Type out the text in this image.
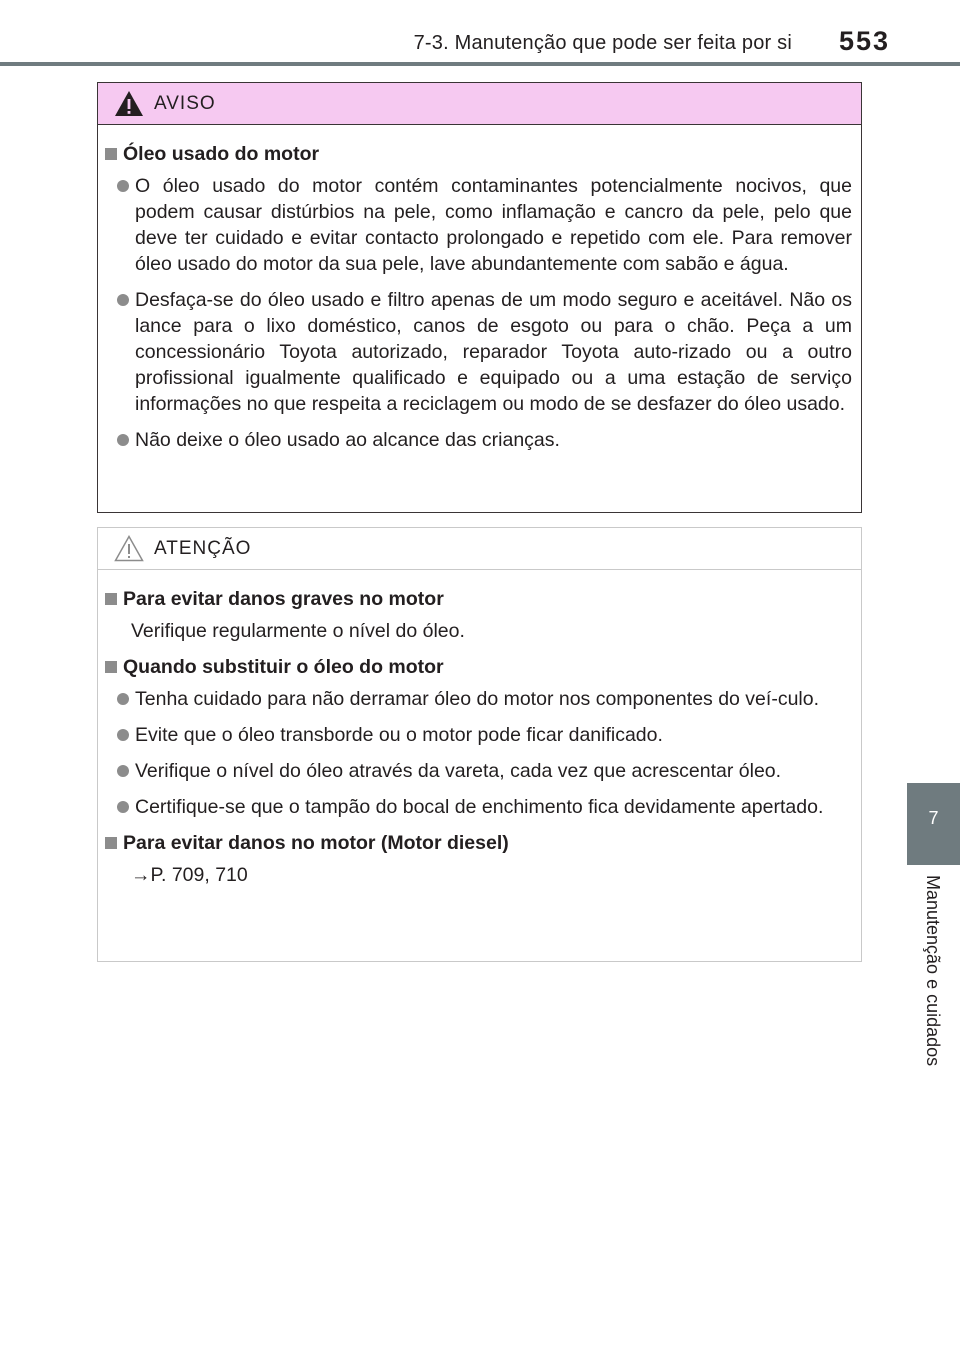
7-3. Manutenção que pode ser feita por si 553
7
Manutenção e cuidados
AVISO
Óleo usado do motor
O óleo usado do motor contém contaminantes potencialmente nocivos, que podem causar distúrbios na pele, como inflamação e cancro da pele, pelo que deve ter cuidado e evitar contacto prolongado e repetido com ele. Para remover óleo usado do motor da sua pele, lave abundantemente com sabão e água.
Desfaça-se do óleo usado e filtro apenas de um modo seguro e aceitável. Não os lance para o lixo doméstico, canos de esgoto ou para o chão. Peça a um concessionário Toyota autorizado, reparador Toyota auto-rizado ou a outro profissional igualmente qualificado e equipado ou a uma estação de serviço informações no que respeita a reciclagem ou modo de se desfazer do óleo usado.
Não deixe o óleo usado ao alcance das crianças.
ATENÇÃO
Para evitar danos graves no motor
Verifique regularmente o nível do óleo.
Quando substituir o óleo do motor
Tenha cuidado para não derramar óleo do motor nos componentes do veí-culo.
Evite que o óleo transborde ou o motor pode ficar danificado.
Verifique o nível do óleo através da vareta, cada vez que acrescentar óleo.
Certifique-se que o tampão do bocal de enchimento fica devidamente apertado.
Para evitar danos no motor (Motor diesel)
→P. 709, 710
